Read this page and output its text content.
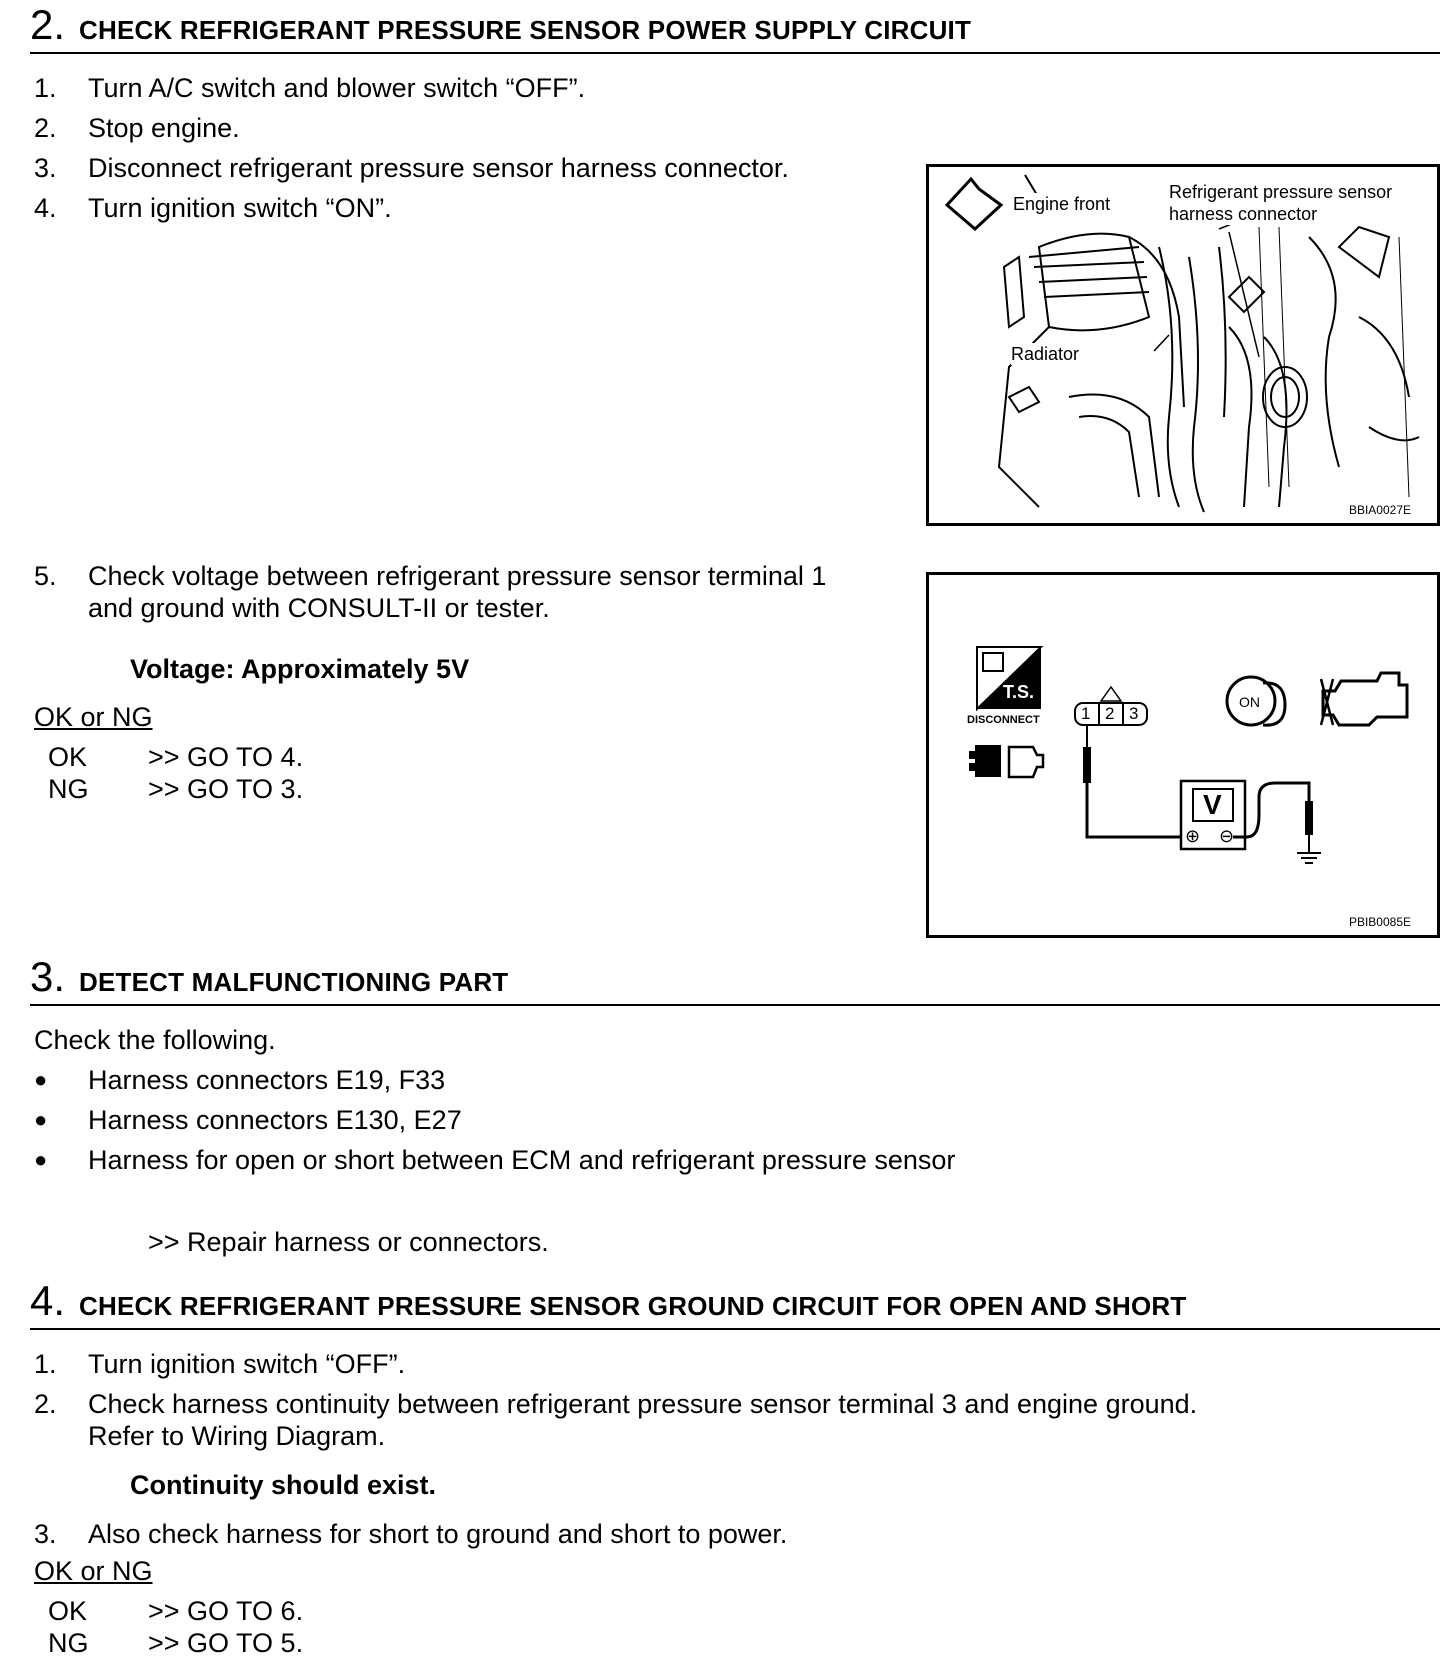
2. CHECK REFRIGERANT PRESSURE SENSOR POWER SUPPLY CIRCUIT
1. Turn A/C switch and blower switch “OFF”.
2. Stop engine.
3. Disconnect refrigerant pressure sensor harness connector.
4. Turn ignition switch “ON”.
5. Check voltage between refrigerant pressure sensor terminal 1
and ground with CONSULT-II or tester.
Voltage: Approximately 5V
OK or NG
OK >> GO TO 4.
NG >> GO TO 3.
Engine front
Refrigerant pressure sensor
harness connector
Radiator
BBIA0027E
T.S.
DISCONNECT 1 2 3
V
⊕ ⊖
ON
PBIB0085E
3. DETECT MALFUNCTIONING PART
Check the following.
● Harness connectors E19, F33
● Harness connectors E130, E27
● Harness for open or short between ECM and refrigerant pressure sensor
>> Repair harness or connectors.
4. CHECK REFRIGERANT PRESSURE SENSOR GROUND CIRCUIT FOR OPEN AND SHORT
1. Turn ignition switch “OFF”.
2. Check harness continuity between refrigerant pressure sensor terminal 3 and engine ground.
Refer to Wiring Diagram.
Continuity should exist.
3. Also check harness for short to ground and short to power.
OK or NG
OK >> GO TO 6.
NG >> GO TO 5.
